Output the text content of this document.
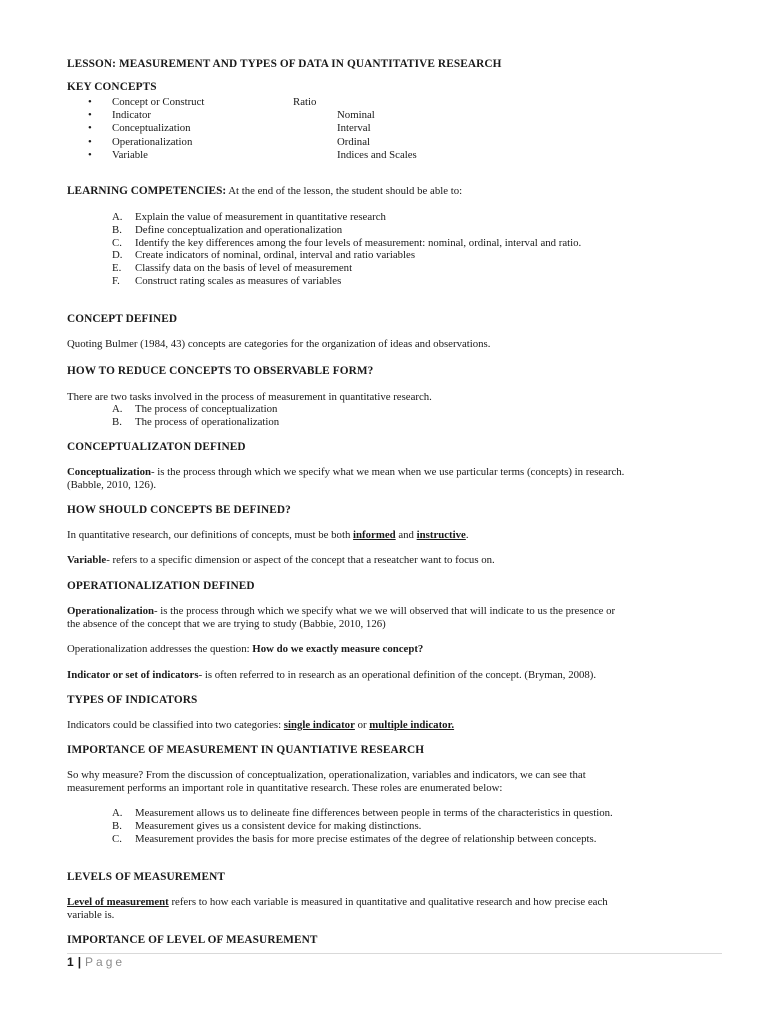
LESSON: MEASUREMENT AND TYPES OF DATA IN QUANTITATIVE RESEARCH
KEY CONCEPTS
•
•
•
•
•
Concept or Construct
Indicator
Conceptualization
Operationalization
Variable
Ratio
Nominal
Interval
Ordinal
Indices and Scales
LEARNING COMPETENCIES: At the end of the lesson, the student should be able to:
A.
B.
C.
D.
E.
F.
Explain the value of measurement in quantitative research
Define conceptualization and operationalization
Identify the key differences among the four levels of measurement: nominal, ordinal, interval and ratio.
Create indicators of nominal, ordinal, interval and ratio variables
Classify data on the basis of level of measurement
Construct rating scales as measures of variables
CONCEPT DEFINED
Quoting Bulmer (1984, 43) concepts are categories for the organization of ideas and observations.
HOW TO REDUCE CONCEPTS TO OBSERVABLE FORM?
There are two tasks involved in the process of measurement in quantitative research.
A.
B.
The process of conceptualization
The process of operationalization
CONCEPTUALIZATON DEFINED
Conceptualization- is the process through which we specify what we mean when we use particular terms (concepts) in research.
(Babble, 2010, 126).
HOW SHOULD CONCEPTS BE DEFINED?
In quantitative research, our definitions of concepts, must be both informed and instructive.
Variable- refers to a specific dimension or aspect of the concept that a reseatcher want to focus on.
OPERATIONALIZATION DEFINED
Operationalization- is the process through which we specify what we we will observed that will indicate to us the presence or
the absence of the concept that we are trying to study (Babbie, 2010, 126)
Operationalization addresses the question: How do we exactly measure concept?
Indicator or set of indicators- is often referred to in research as an operational definition of the concept. (Bryman, 2008).
TYPES OF INDICATORS
Indicators could be classified into two categories: single indicator or multiple indicator.
IMPORTANCE OF MEASUREMENT IN QUANTIATIVE RESEARCH
So why measure? From the discussion of conceptualization, operationalization, variables and indicators, we can see that
measurement performs an important role in quantitative research. These roles are enumerated below:
A.
B.
C.
Measurement allows us to delineate fine differences between people in terms of the characteristics in question.
Measurement gives us a consistent device for making distinctions.
Measurement provides the basis for more precise estimates of the degree of relationship between concepts.
LEVELS OF MEASUREMENT
Level of measurement refers to how each variable is measured in quantitative and qualitative research and how precise each
variable is.
IMPORTANCE OF LEVEL OF MEASUREMENT
1 | Page
